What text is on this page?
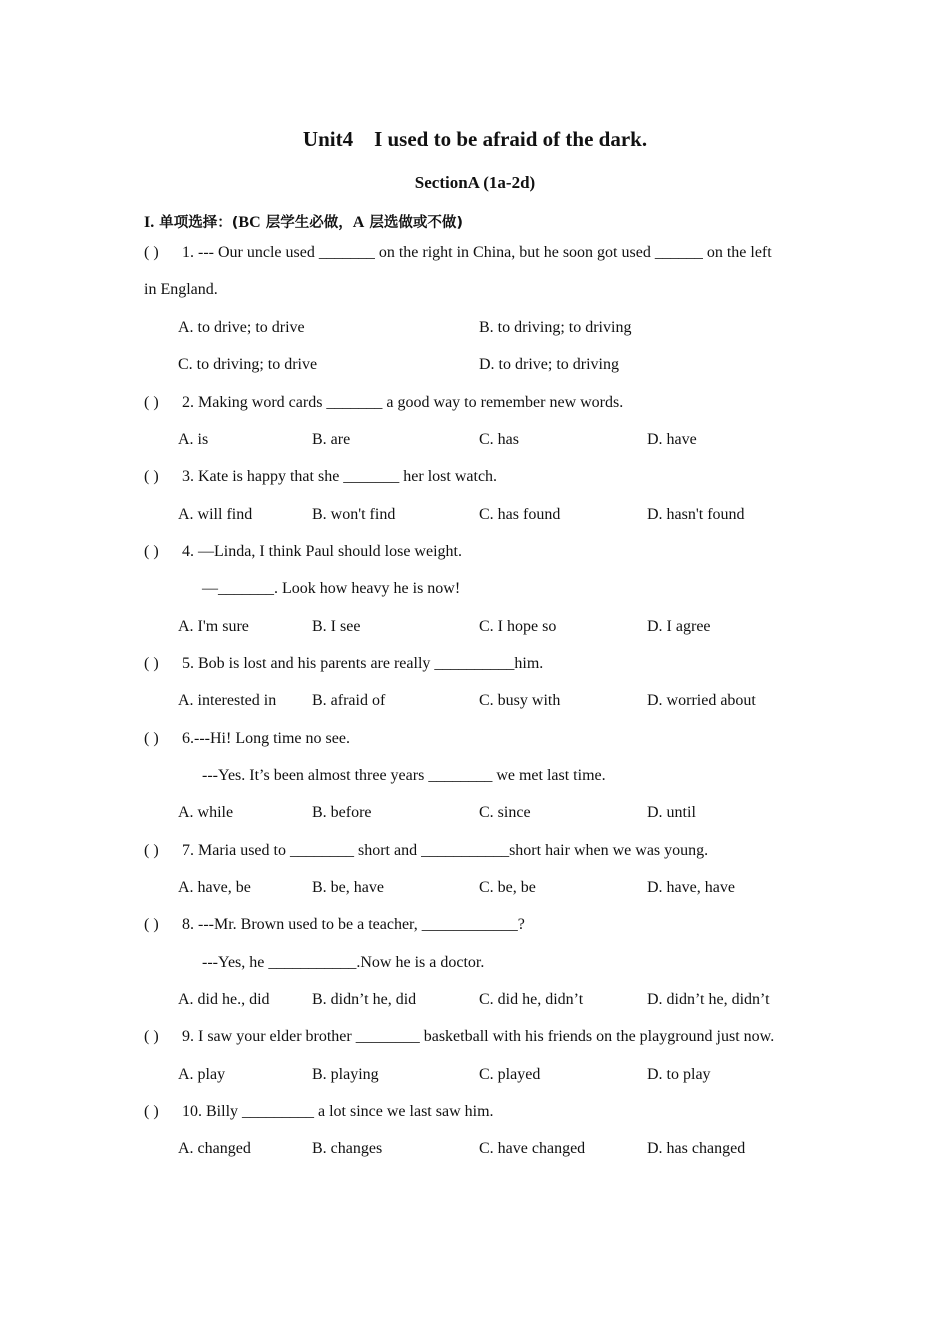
Unit4    I used to be afraid of the dark.
SectionA (1a-2d)
I. 单项选择：(BC 层学生必做，A 层选做或不做)
( ) 1. --- Our uncle used _______ on the right in China, but he soon got used ______ on the left
in England.
A. to drive; to drive	B. to driving; to driving
C. to driving; to drive	D. to drive; to driving
( ) 2. Making word cards _______ a good way to remember new words.
A. is	B. are	C. has	D. have
( ) 3. Kate is happy that she _______ her lost watch.
A. will find	B. won't find	C. has found	D. hasn't found
( ) 4. —Linda, I think Paul should lose weight.
—_______. Look how heavy he is now!
A. I'm sure	B. I see	C. I hope so	D. I agree
( ) 5. Bob is lost and his parents are really __________him.
A. interested in B. afraid of	C. busy with	D. worried about
( ) 6.---Hi! Long time no see.
---Yes. It’s been almost three years ________ we met last time.
A. while	B. before	C. since	D. until
( ) 7. Maria used to ________ short and ___________short hair when we was young.
A. have, be	B. be, have	C. be, be	D. have, have
( ) 8. ---Mr. Brown used to be a teacher, ____________?
---Yes, he ___________.Now he is a doctor.
A. did he., did	B. didn’t he, did	C. did he, didn’t	D. didn’t he, didn’t
( ) 9. I saw your elder brother ________ basketball with his friends on the playground just now.
A. play	B. playing	C. played	D. to play
( ) 10. Billy _________ a lot since we last saw him.
A. changed	B. changes	C. have changed	D. has changed
